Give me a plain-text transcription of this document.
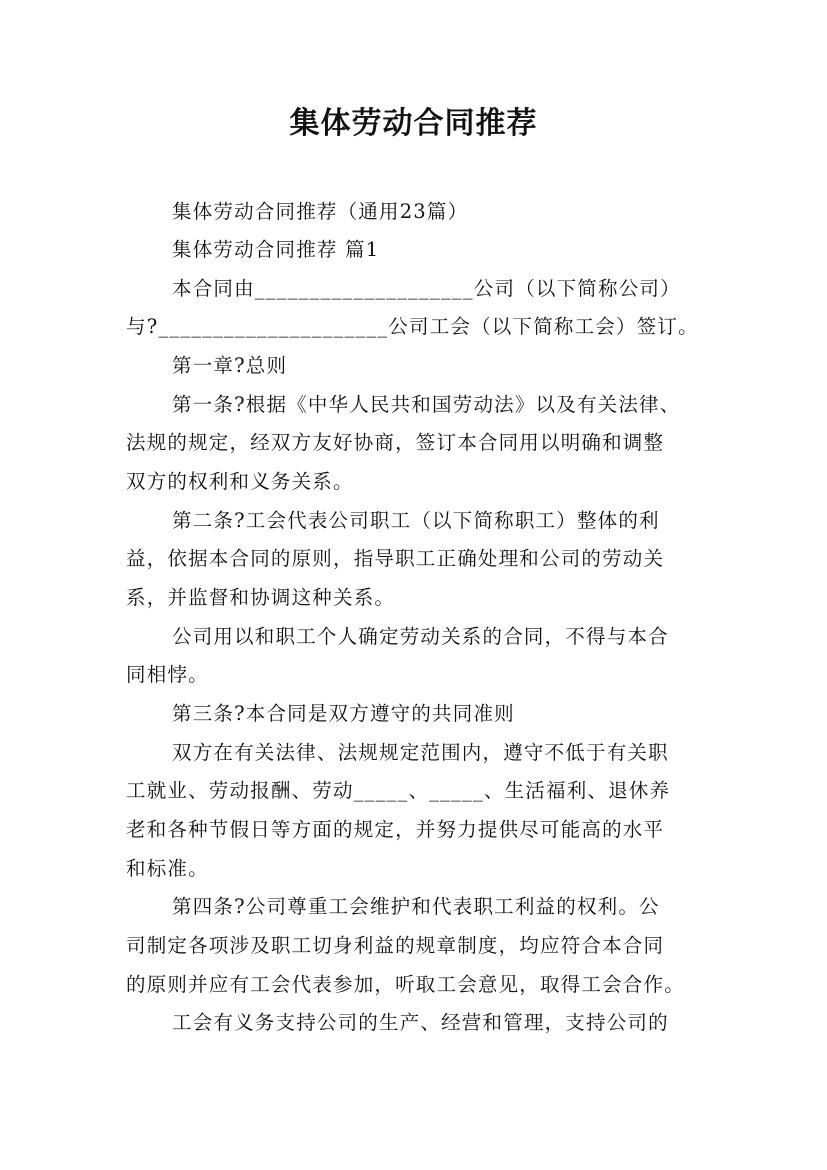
集体劳动合同推荐
集体劳动合同推荐（通用23篇）
集体劳动合同推荐 篇1
本合同由____________________公司（以下简称公司）
与?_____________________公司工会（以下简称工会）签订。
第一章?总则
第一条?根据《中华人民共和国劳动法》以及有关法律、
法规的规定，经双方友好协商，签订本合同用以明确和调整
双方的权利和义务关系。
第二条?工会代表公司职工（以下简称职工）整体的利
益，依据本合同的原则，指导职工正确处理和公司的劳动关
系，并监督和协调这种关系。
公司用以和职工个人确定劳动关系的合同，不得与本合
同相悖。
第三条?本合同是双方遵守的共同准则
双方在有关法律、法规规定范围内，遵守不低于有关职
工就业、劳动报酬、劳动_____、_____、生活福利、退休养
老和各种节假日等方面的规定，并努力提供尽可能高的水平
和标准。
第四条?公司尊重工会维护和代表职工利益的权利。公
司制定各项涉及职工切身利益的规章制度，均应符合本合同
的原则并应有工会代表参加，听取工会意见，取得工会合作。
工会有义务支持公司的生产、经营和管理，支持公司的
